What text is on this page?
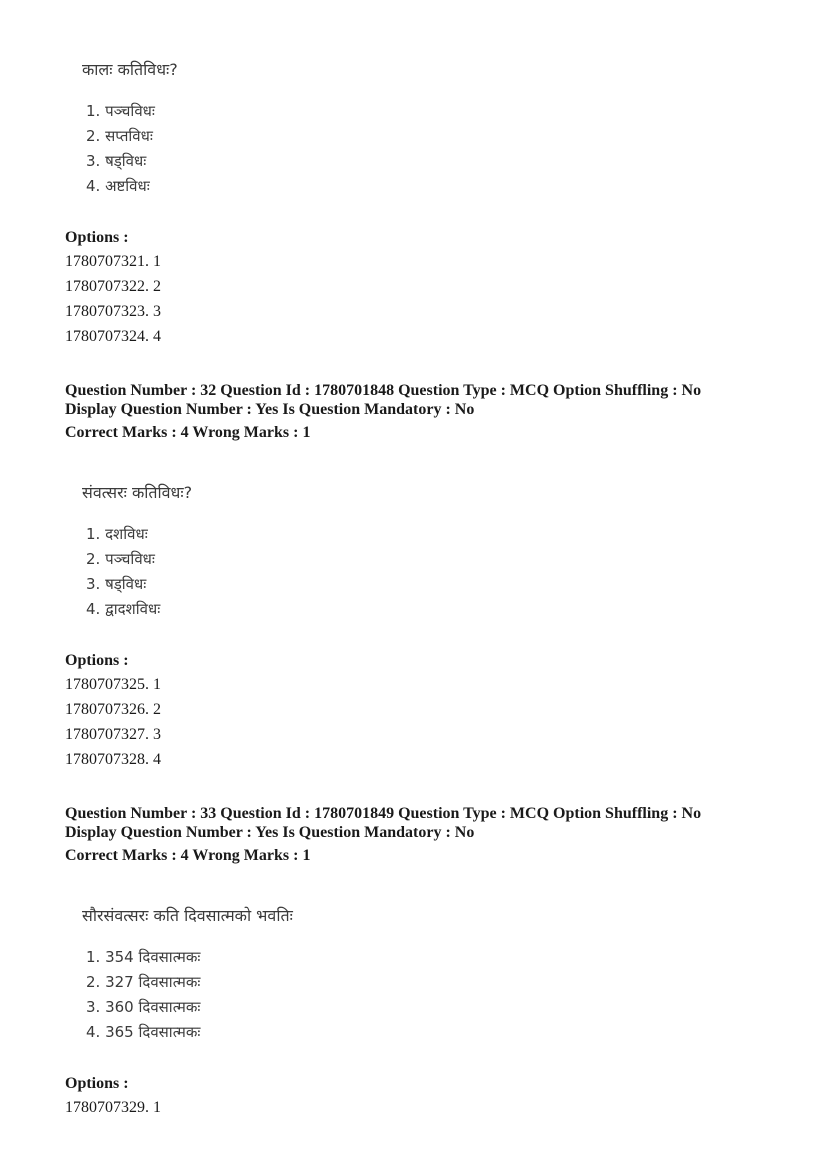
कालः कतिविधः?
1. पञ्चविधः
2. सप्तविधः
3. षड्विधः
4. अष्टविधः
Options :
1780707321. 1
1780707322. 2
1780707323. 3
1780707324. 4
Question Number : 32 Question Id : 1780701848 Question Type : MCQ Option Shuffling : No
Display Question Number : Yes Is Question Mandatory : No
Correct Marks : 4 Wrong Marks : 1
संवत्सरः कतिविधः?
1. दशविधः
2. पञ्चविधः
3. षड्विधः
4. द्वादशविधः
Options :
1780707325. 1
1780707326. 2
1780707327. 3
1780707328. 4
Question Number : 33 Question Id : 1780701849 Question Type : MCQ Option Shuffling : No
Display Question Number : Yes Is Question Mandatory : No
Correct Marks : 4 Wrong Marks : 1
सौरसंवत्सरः कति दिवसात्मको भवतिः
1. 354 दिवसात्मकः
2. 327 दिवसात्मकः
3. 360 दिवसात्मकः
4. 365 दिवसात्मकः
Options :
1780707329. 1
